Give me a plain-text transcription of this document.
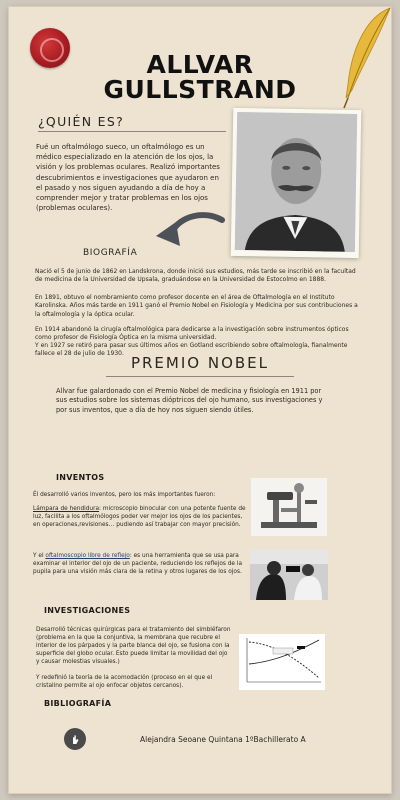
ALLVAR
GULLSTRAND
¿QUIÉN ES?
Fué un oftalmólogo sueco, un oftalmólogo es un médico especializado en la atención de los ojos, la visión y los problemas oculares. Realizó importantes descubrimientos e investigaciones que ayudaron en el pasado y nos siguen ayudando a día de hoy a comprender mejor y tratar problemas en los ojos (problemas oculares).
BIOGRAFÍA
Nació el 5 de junio de 1862 en Landskrona, donde inició sus estudios, más tarde se inscribió en la facultad de medicina de la Universidad de Upsala, graduándose en la Universidad de Estocolmo en 1888.
En 1891, obtuvo el nombramiento como profesor docente en el área de Oftalmología en el Instituto Karolinska. Años más tarde en 1911 ganó el Premio Nobel en Fisiología y Medicina por sus contribuciones a la oftalmología y la óptica ocular.
En 1914 abandonó la cirugía oftalmológica para dedicarse a la investigación sobre instrumentos ópticos como profesor de Fisiología Óptica en la misma universidad.
Y en 1927 se retiró para pasar sus últimos años en Gotland escribiendo sobre oftalmología, fianalmente fallece el 28 de julio de 1930.
PREMIO NOBEL
Allvar fue galardonado con el Premio Nobel de medicina y fisiología en 1911 por sus estudios sobre los sistemas dióptricos del ojo humano, sus investigaciones y por sus inventos, que a día de hoy nos siguen siendo útiles.
INVENTOS
Él desarrolló varios inventos, pero los más importantes fueron:
Lámpara de hendidura: microscopio binocular con una potente fuente de luz, facilita a los oftalmólogos poder ver mejor los ojos de los pacientes, en operaciones,revisiones… pudiendo así trabajar con mayor precisión.
Y el oftalmoscopio libre de reflejo: es una herramienta que se usa para examinar el interior del ojo de un paciente, reduciendo los reflejos de la pupila para una visión más clara de la retina y otros lugares de los ojos.
INVESTIGACIONES
Desarrolló técnicas quirúrgicas para el tratamiento del simbléfaron (problema en la que la conjuntiva, la membrana que recubre el interior de los párpados y la parte blanca del ojo, se fusiona con la superficie del globo ocular. Esto puede limitar la movilidad del ojo y causar molestias visuales.)
Y redefinió la teoría de la acomodación (proceso en el que el cristalino permite al ojo enfocar objetos cercanos).
BIBLIOGRAFÍA
Alejandra Seoane Quintana 1ºBachillerato A
